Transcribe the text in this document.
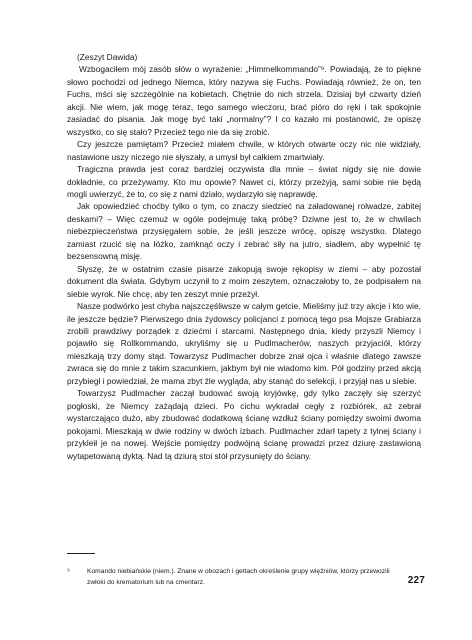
(Zeszyt Dawida)

Wzbogaciłem mój zasób słów o wyrażenie: „Himmelkommando”⁹. Powiadają, że to piękne słowo pochodzi od jednego Niemca, który nazywa się Fuchs. Powiadają również, że on, ten Fuchs, mści się szczególnie na kobietach. Chętnie do nich strzela. Dzisiaj był czwarty dzień akcji. Nie wiem, jak mogę teraz, tego samego wieczoru, brać pióro do ręki i tak spokojnie zasiadać do pisania. Jak mogę być taki „normalny”? I co kazało mi postanowić, że opiszę wszystko, co się stało? Przecież tego nie da się zrobić.

Czy jeszcze pamiętam? Przecież miałem chwile, w których otwarte oczy nic nie widziały, nastawione uszy niczego nie słyszały, a umysł był całkiem zmartwiały.

Tragiczna prawda jest coraz bardziej oczywista dla mnie – świat nigdy się nie dowie dokładnie, co przeżywamy. Kto mu opowie? Nawet ci, którzy przeżyją, sami sobie nie będą mogli uwierzyć, że to, co się z nami działo, wydarzyło się naprawdę.

Jak opowiedzieć choćby tylko o tym, co znaczy siedzieć na załadowanej rolwadze, zabitej deskami? – Więc czemuż w ogóle podejmuję taką próbę? Dziwne jest to, że w chwilach niebezpieczeństwa przysięgałem sobie, że jeśli jeszcze wrócę, opiszę wszystko. Dlatego zamiast rzucić się na łóżko, zamknąć oczy i zebrać siły na jutro, siadłem, aby wypełnić tę bezsensowną misję.

Słyszę, że w ostatnim czasie pisarze zakopują swoje rękopisy w ziemi – aby pozostał dokument dla świata. Gdybym uczynił to z moim zeszytem, oznaczałoby to, że podpisałem na siebie wyrok. Nie chcę, aby ten zeszyt mnie przeżył.

Nasze podwórko jest chyba najszczęśliwsze w całym getcie. Mieliśmy już trzy akcje i kto wie, ile jeszcze będzie? Pierwszego dnia żydowscy policjanci z pomocą tego psa Mojsze Grabiarza zrobili prawdziwy porządek z dziećmi i starcami. Następnego dnia, kiedy przyszli Niemcy i pojawiło się Rollkommando, ukryliśmy się u Pudlmacherów, naszych przyjaciół, którzy mieszkają trzy domy stąd. Towarzysz Pudlmacher dobrze znał ojca i właśnie dlatego zawsze zwraca się do mnie z takim szacunkiem, jakbym był nie wiadomo kim. Pół godziny przed akcją przybiegł i powiedział, że mama zbyt źle wygląda, aby stanąć do selekcji, i przyjął nas u siebie.

Towarzysz Pudlmacher zaczął budować swoją kryjówkę, gdy tylko zaczęły się szerzyć pogłoski, że Niemcy zażądają dzieci. Po cichu wykradał cegły z rozbiórek, aż zebrał wystarczająco dużo, aby zbudować dodatkową ścianę wzdłuż ściany pomiędzy swoimi dwoma pokojami. Mieszkają w dwie rodziny w dwóch izbach. Pudlmacher zdarł tapety z tylnej ściany i przykleił je na nowej. Wejście pomiędzy podwójną ścianę prowadzi przez dziurę zastawioną wytapetowaną dyktą. Nad tą dziurą stoi stół przysunięty do ściany.

⁹	Komando niebiańskie (niem.). Znane w obozach i gettach określenie grupy więźniów, którzy przewozili zwłoki do krematorium lub na cmentarz.	227
